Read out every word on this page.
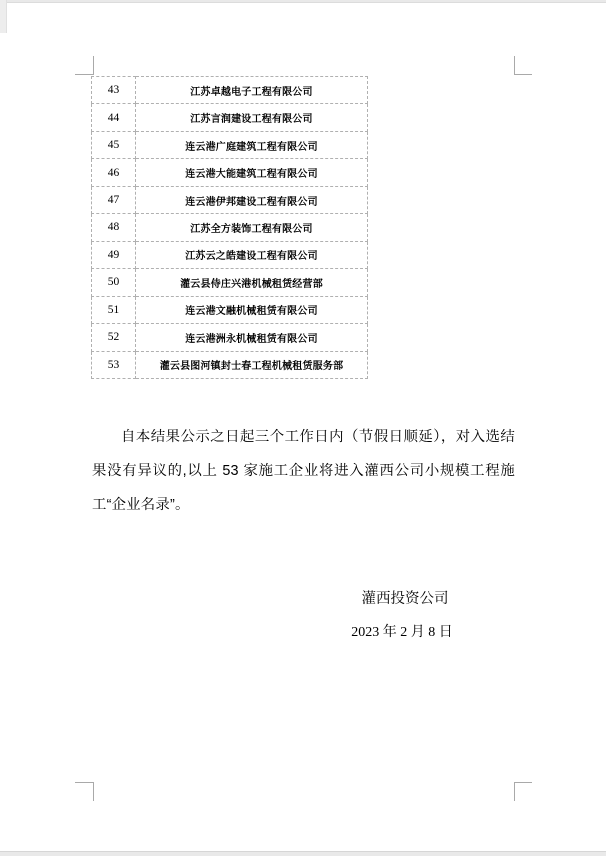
43	江苏卓越电子工程有限公司
44	江苏言润建设工程有限公司
45	连云港广庭建筑工程有限公司
46	连云港大能建筑工程有限公司
47	连云港伊邦建设工程有限公司
48	江苏全方装饰工程有限公司
49	江苏云之皓建设工程有限公司
50	灌云县侍庄兴港机械租赁经营部
51	连云港文融机械租赁有限公司
52	连云港洲永机械租赁有限公司
53	灌云县图河镇封士春工程机械租赁服务部

自本结果公示之日起三个工作日内（节假日顺延），对入选结果没有异议的,以上 53 家施工企业将进入灌西公司小规模工程施工“企业名录”。

灌西投资公司
2023 年 2 月 8 日
